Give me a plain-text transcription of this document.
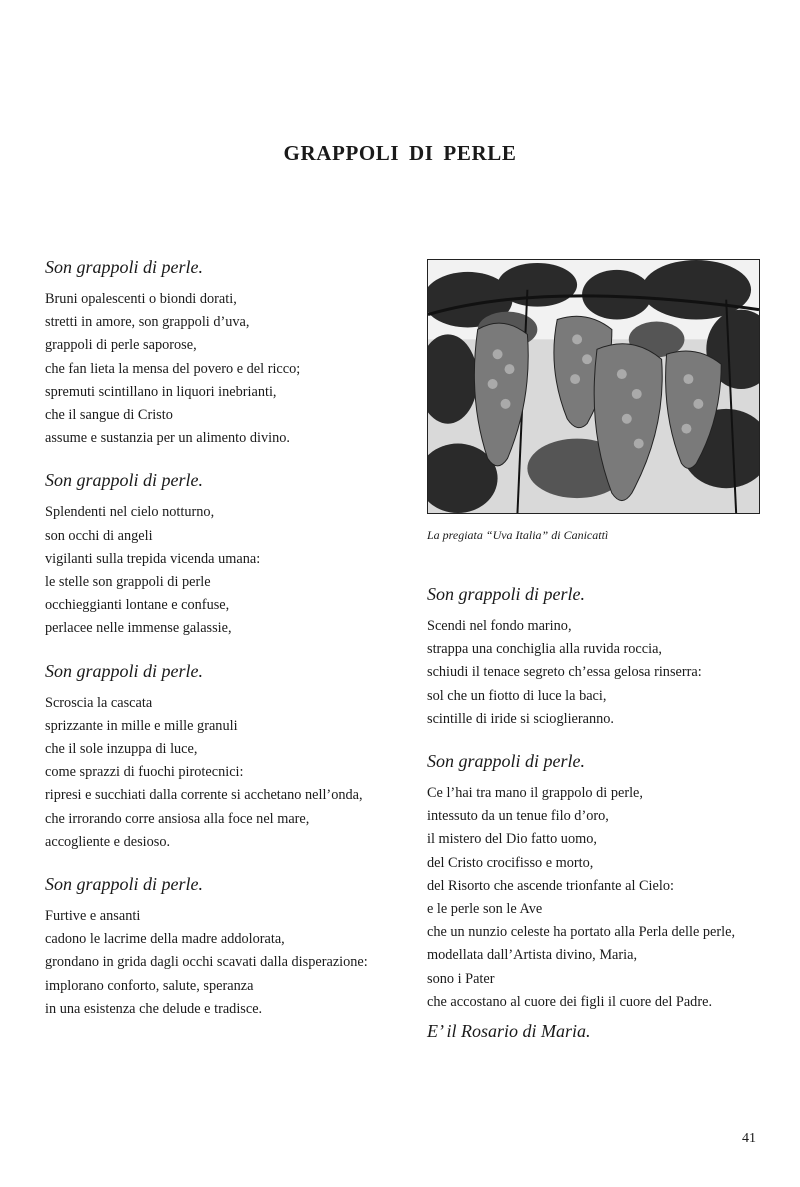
GRAPPOLI DI PERLE
Son grappoli di perle.
Bruni opalescenti o biondi dorati,
stretti in amore, son grappoli d’uva,
grappoli di perle saporose,
che fan lieta la mensa del povero e del ricco;
spremuti scintillano in liquori inebrianti,
che il sangue di Cristo
assume e sustanzia per un alimento divino.
Son grappoli di perle.
Splendenti nel cielo notturno,
son occhi di angeli
vigilanti sulla trepida vicenda umana:
le stelle son grappoli di perle
occhieggianti lontane e confuse,
perlacee nelle immense galassie,
Son grappoli di perle.
Scroscia la cascata
sprizzante in mille e mille granuli
che il sole inzuppa di luce,
come sprazzi di fuochi pirotecnici:
ripresi e succhiati dalla corrente si acchetano nell’onda,
che irrorando corre ansiosa alla foce nel mare,
accogliente e desioso.
Son grappoli di perle.
Furtive e ansanti
cadono le lacrime della madre addolorata,
grondano in grida dagli occhi scavati dalla disperazione:
implorano conforto, salute, speranza
in una esistenza che delude e tradisce.
La pregiata “Uva Italia” di Canicattì
Son grappoli di perle.
Scendi nel fondo marino,
strappa una conchiglia alla ruvida roccia,
schiudi il tenace segreto ch’essa gelosa rinserra:
sol che un fiotto di luce la baci,
scintille di iride si scioglieranno.
Son grappoli di perle.
Ce l’hai tra mano il grappolo di perle,
intessuto da un tenue filo d’oro,
il mistero del Dio fatto uomo,
del Cristo crocifisso e morto,
del Risorto che ascende trionfante al Cielo:
e le perle son le Ave
che un nunzio celeste ha portato alla Perla delle perle,
modellata dall’Artista divino, Maria,
sono i Pater
che accostano al cuore dei figli il cuore del Padre.
E’ il Rosario di Maria.
41
